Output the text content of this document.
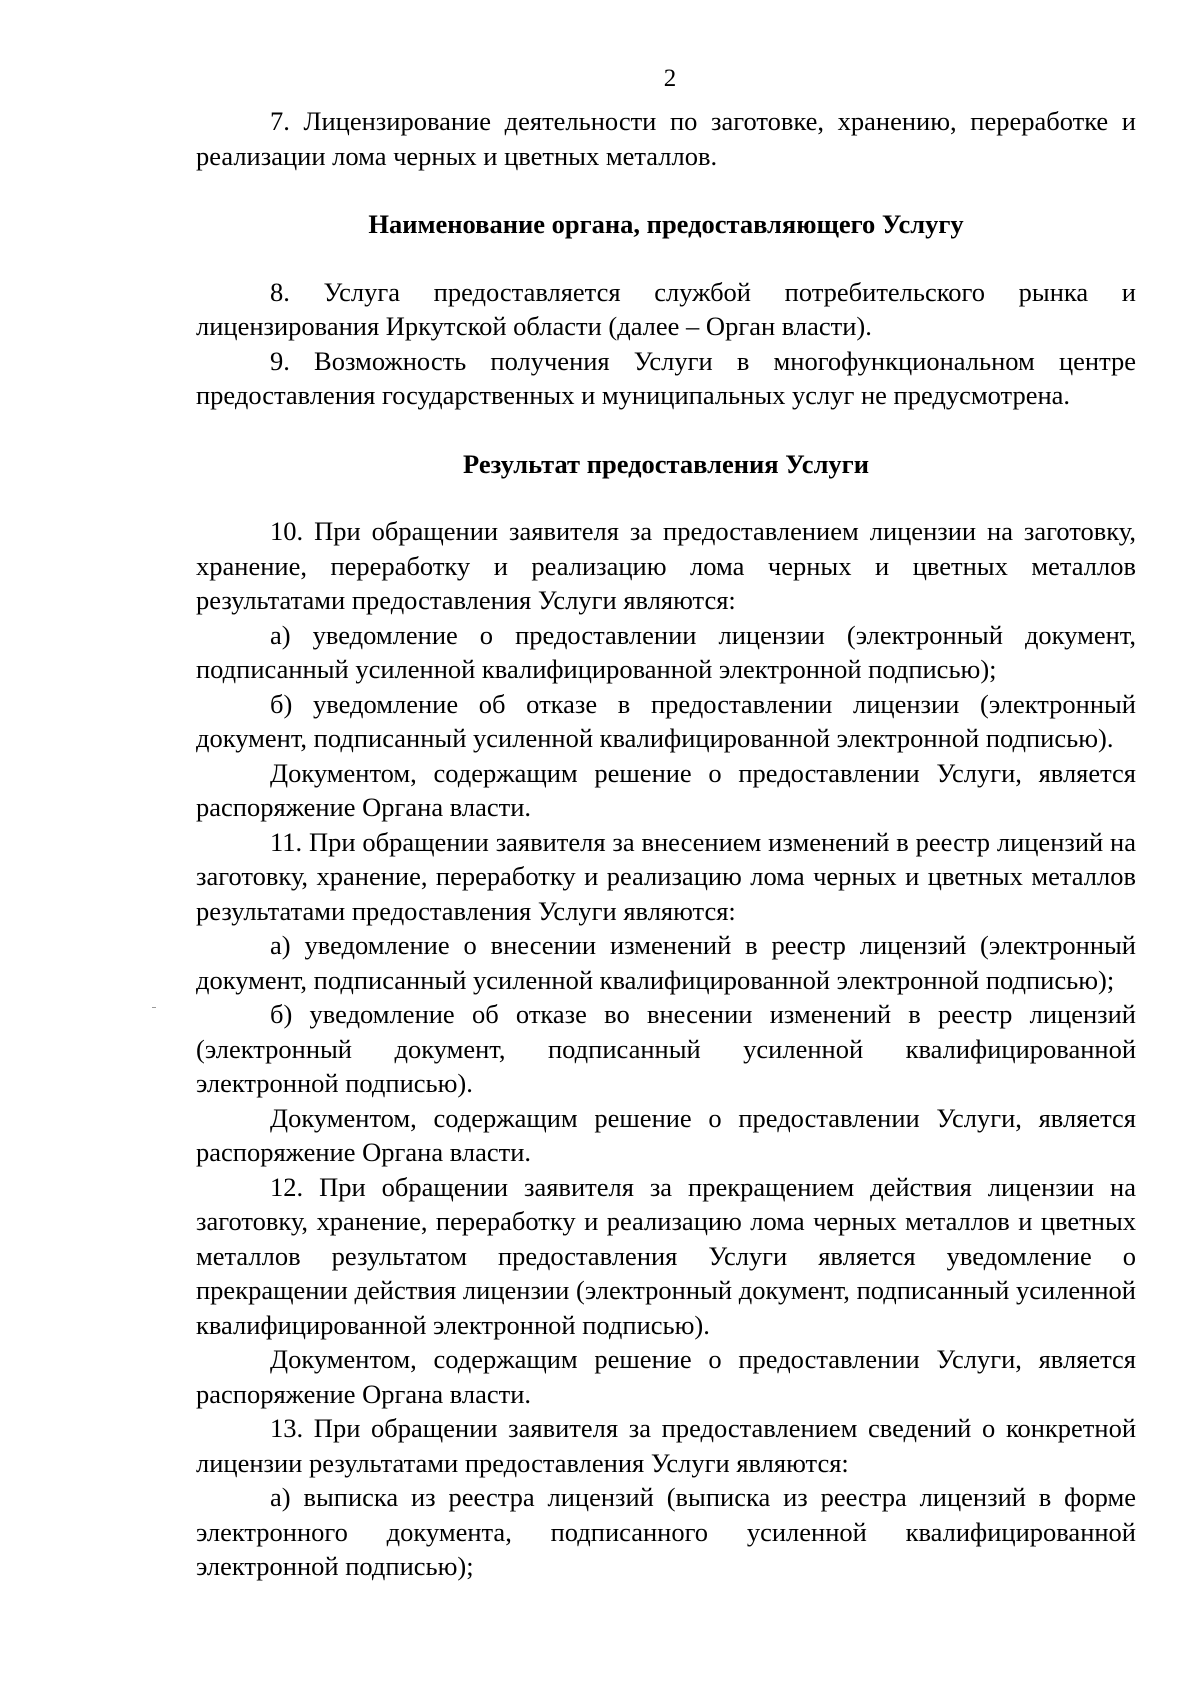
2

7. Лицензирование деятельности по заготовке, хранению, переработке и реализации лома черных и цветных металлов.

Наименование органа, предоставляющего Услугу

8. Услуга предоставляется службой потребительского рынка и лицензирования Иркутской области (далее – Орган власти).

9. Возможность получения Услуги в многофункциональном центре предоставления государственных и муниципальных услуг не предусмотрена.

Результат предоставления Услуги

10. При обращении заявителя за предоставлением лицензии на заготовку, хранение, переработку и реализацию лома черных и цветных металлов результатами предоставления Услуги являются:

а) уведомление о предоставлении лицензии (электронный документ, подписанный усиленной квалифицированной электронной подписью);

б) уведомление об отказе в предоставлении лицензии (электронный документ, подписанный усиленной квалифицированной электронной подписью).

Документом, содержащим решение о предоставлении Услуги, является распоряжение Органа власти.

11. При обращении заявителя за внесением изменений в реестр лицензий на заготовку, хранение, переработку и реализацию лома черных и цветных металлов результатами предоставления Услуги являются:

а) уведомление о внесении изменений в реестр лицензий (электронный документ, подписанный усиленной квалифицированной электронной подписью);

б) уведомление об отказе во внесении изменений в реестр лицензий (электронный документ, подписанный усиленной квалифицированной электронной подписью).

Документом, содержащим решение о предоставлении Услуги, является распоряжение Органа власти.

12. При обращении заявителя за прекращением действия лицензии на заготовку, хранение, переработку и реализацию лома черных металлов и цветных металлов результатом предоставления Услуги является уведомление о прекращении действия лицензии (электронный документ, подписанный усиленной квалифицированной электронной подписью).

Документом, содержащим решение о предоставлении Услуги, является распоряжение Органа власти.

13. При обращении заявителя за предоставлением сведений о конкретной лицензии результатами предоставления Услуги являются:

а) выписка из реестра лицензий (выписка из реестра лицензий в форме электронного документа, подписанного усиленной квалифицированной электронной подписью);
